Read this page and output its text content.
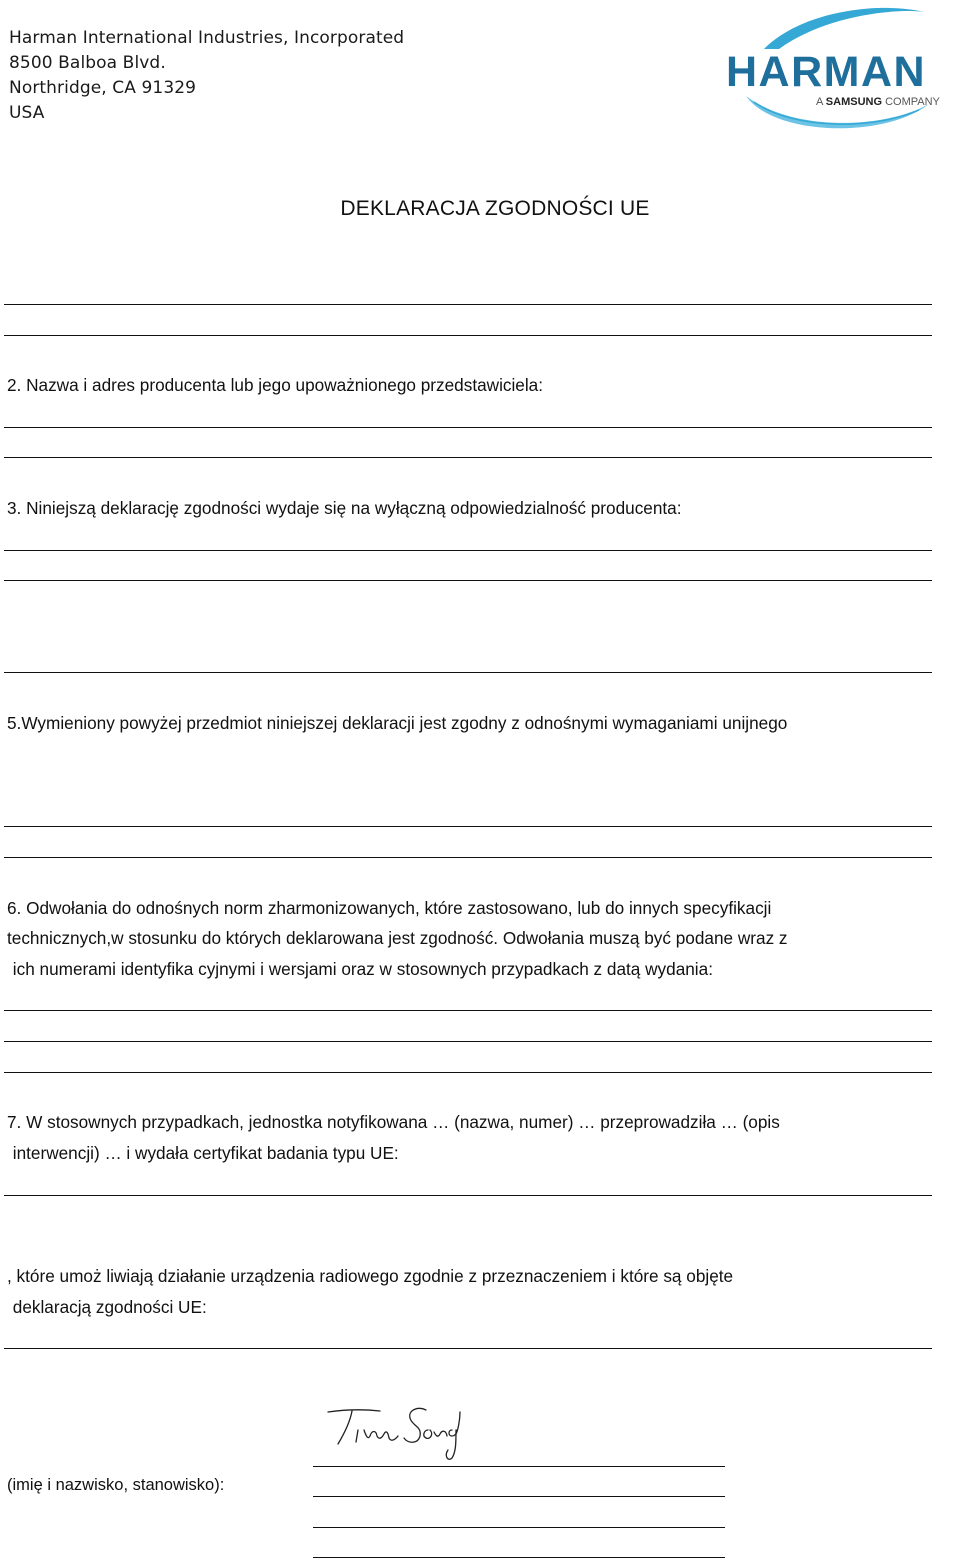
Harman International Industries, Incorporated
8500 Balboa Blvd.
Northridge, CA 91329
USA
HARMAN
A SAMSUNG COMPANY
DEKLARACJA ZGODNOŚCI UE
2. Nazwa i adres producenta lub jego upoważnionego przedstawiciela:
3. Niniejszą deklarację zgodności wydaje się na wyłączną odpowiedzialność producenta:
5.Wymieniony powyżej przedmiot niniejszej deklaracji jest zgodny z odnośnymi wymaganiami unijnego
6. Odwołania do odnośnych norm zharmonizowanych, które zastosowano, lub do innych specyfikacji
technicznych,w stosunku do których deklarowana jest zgodność. Odwołania muszą być podane wraz z
ich numerami identyfika cyjnymi i wersjami oraz w stosownych przypadkach z datą wydania:
7. W stosownych przypadkach, jednostka notyfikowana … (nazwa, numer) … przeprowadziła … (opis
interwencji) … i wydała certyfikat badania typu UE:
, które umoż liwiają działanie urządzenia radiowego zgodnie z przeznaczeniem i które są objęte
deklaracją zgodności UE:
(imię i nazwisko, stanowisko):
